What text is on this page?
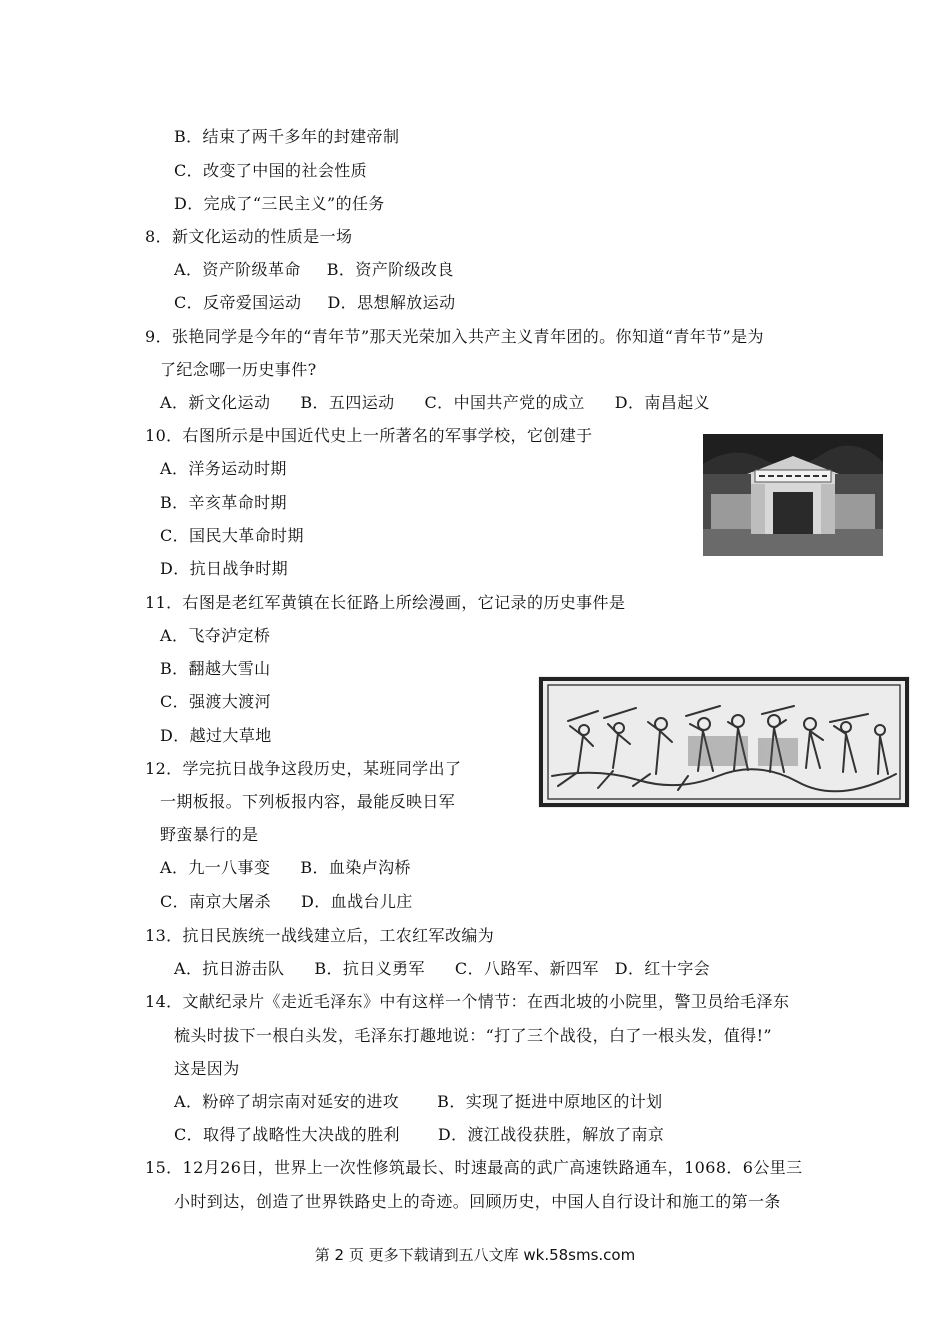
B．结束了两千多年的封建帝制
C．改变了中国的社会性质
D．完成了“三民主义”的任务
8．新文化运动的性质是一场
A．资产阶级革命 B．资产阶级改良
C．反帝爱国运动 D．思想解放运动
9．张艳同学是今年的“青年节”那天光荣加入共产主义青年团的。你知道“青年节”是为
了纪念哪一历史事件?
A．新文化运动 B．五四运动 C．中国共产党的成立 D．南昌起义
10．右图所示是中国近代史上一所著名的军事学校，它创建于
A．洋务运动时期
B．辛亥革命时期
C．国民大革命时期
D．抗日战争时期
11．右图是老红军黄镇在长征路上所绘漫画，它记录的历史事件是
A．飞夺泸定桥
B．翻越大雪山
C．强渡大渡河
D．越过大草地
12．学完抗日战争这段历史，某班同学出了
一期板报。下列板报内容，最能反映日军
野蛮暴行的是
A．九一八事变 B．血染卢沟桥
C．南京大屠杀 D．血战台儿庄
13．抗日民族统一战线建立后，工农红军改编为
A．抗日游击队 B．抗日义勇军 C．八路军、新四军 D．红十字会
14．文献纪录片《走近毛泽东》中有这样一个情节：在西北坡的小院里，警卫员给毛泽东
梳头时拔下一根白头发，毛泽东打趣地说：“打了三个战役，白了一根头发，值得!”
这是因为
A．粉碎了胡宗南对延安的进攻 B．实现了挺进中原地区的计划
C．取得了战略性大决战的胜利 D．渡江战役获胜，解放了南京
15．12月26日，世界上一次性修筑最长、时速最高的武广高速铁路通车，1068．6公里三
小时到达，创造了世界铁路史上的奇迹。回顾历史，中国人自行设计和施工的第一条
第 2 页 更多下载请到五八文库 wk.58sms.com
